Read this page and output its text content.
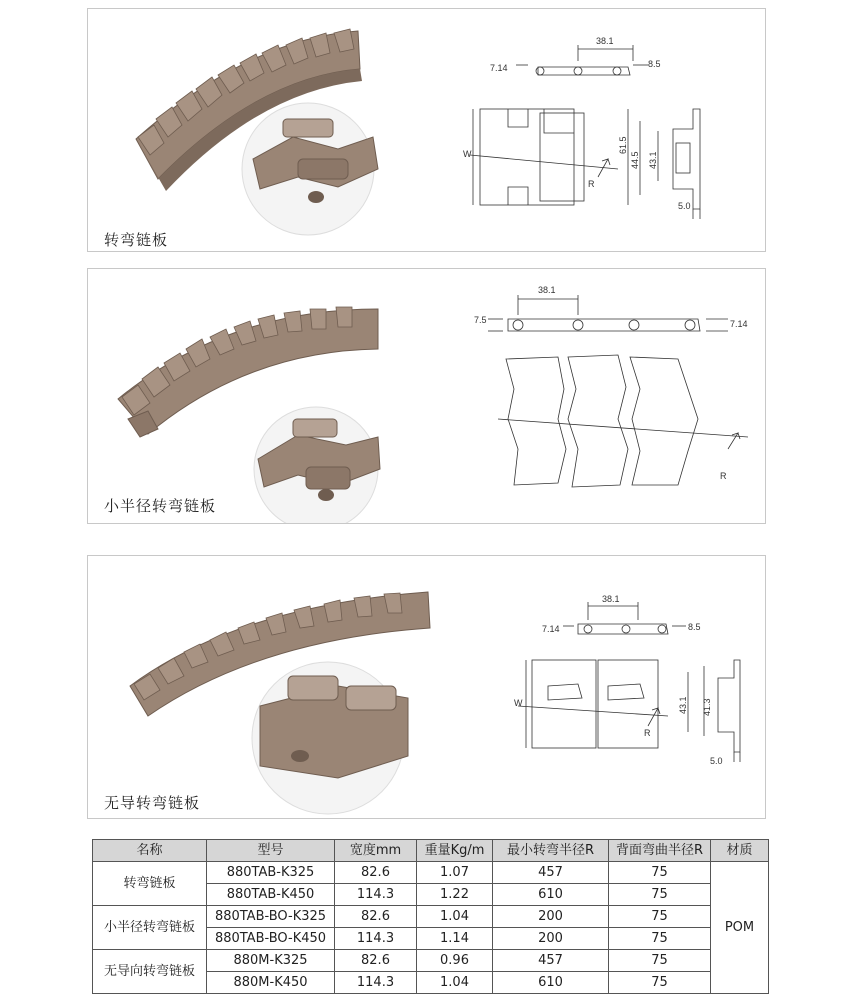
38.1
7.14	8.5
W
R
61.5
44.5 43.1
5.0
转弯链板
38.1
7.5	7.14
R
小半径转弯链板
38.1
7.14	8.5
W
R
43.1 41.3
5.0
无导转弯链板
名称	型号	宽度mm	重量Kg/m	最小转弯半径R	背面弯曲半径R	材质
转弯链板	880TAB-K325	82.6	1.07	457	75	POM
	880TAB-K450	114.3	1.22	610	75	
小半径转弯链板	880TAB-BO-K325	82.6	1.04	200	75	
	880TAB-BO-K450	114.3	1.14	200	75	
无导向转弯链板	880M-K325	82.6	0.96	457	75	
	880M-K450	114.3	1.04	610	75	
